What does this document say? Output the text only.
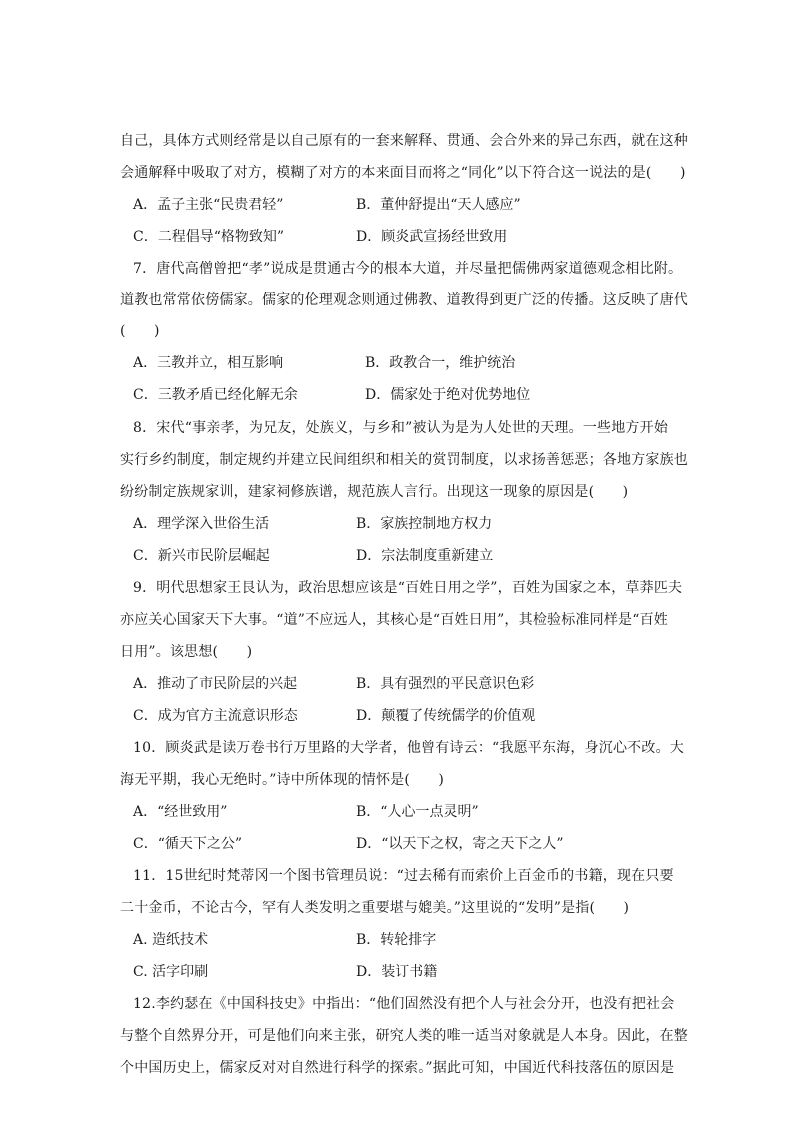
自己，具体方式则经常是以自己原有的一套来解释、贯通、会合外来的异己东西，就在这种
会通解释中吸取了对方，模糊了对方的本来面目而将之“同化”以下符合这一说法的是(　　)
A．孟子主张“民贵君轻”	B．董仲舒提出“天人感应”
C．二程倡导“格物致知”	D．顾炎武宣扬经世致用
7．唐代高僧曾把“孝”说成是贯通古今的根本大道，并尽量把儒佛两家道德观念相比附。
道教也常常依傍儒家。儒家的伦理观念则通过佛教、道教得到更广泛的传播。这反映了唐代
(　　)
A．三教并立，相互影响	B．政教合一，维护统治
C．三教矛盾已经化解无余	D．儒家处于绝对优势地位
8．宋代“事亲孝，为兄友，处族义，与乡和”被认为是为人处世的天理。一些地方开始
实行乡约制度，制定规约并建立民间组织和相关的赏罚制度，以求扬善惩恶；各地方家族也
纷纷制定族规家训，建家祠修族谱，规范族人言行。出现这一现象的原因是(　　)
A．理学深入世俗生活	B．家族控制地方权力
C．新兴市民阶层崛起	D．宗法制度重新建立
9．明代思想家王艮认为，政治思想应该是“百姓日用之学”，百姓为国家之本，草莽匹夫
亦应关心国家天下大事。“道”不应远人，其核心是“百姓日用”，其检验标准同样是“百姓
日用”。该思想(　　)
A．推动了市民阶层的兴起	B．具有强烈的平民意识色彩
C．成为官方主流意识形态	D．颠覆了传统儒学的价值观
10．顾炎武是读万卷书行万里路的大学者，他曾有诗云：“我愿平东海，身沉心不改。大
海无平期，我心无绝时。”诗中所体现的情怀是(　　)
A．“经世致用”	B．“人心一点灵明”
C．“循天下之公”	D．“以天下之权，寄之天下之人”
11．15世纪时梵蒂冈一个图书管理员说：“过去稀有而索价上百金币的书籍，现在只要
二十金币，不论古今，罕有人类发明之重要堪与媲美。”这里说的“发明”是指(　　)
A. 造纸技术	B．转轮排字
C. 活字印刷	D．装订书籍
12.李约瑟在《中国科技史》中指出：“他们固然没有把个人与社会分开，也没有把社会
与整个自然界分开，可是他们向来主张，研究人类的唯一适当对象就是人本身。因此，在整
个中国历史上，儒家反对对自然进行科学的探索。”据此可知，中国近代科技落伍的原因是
